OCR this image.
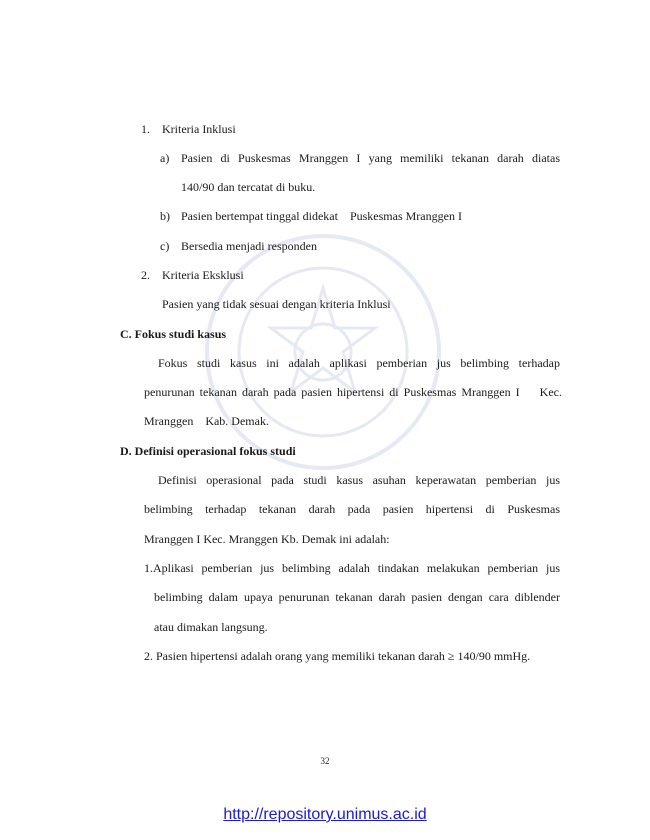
1. Kriteria Inklusi
a) Pasien di Puskesmas Mranggen I yang memiliki tekanan darah diatas
140/90 dan tercatat di buku.
b) Pasien bertempat tinggal didekat    Puskesmas Mranggen I
c) Bersedia menjadi responden
2. Kriteria Eksklusi
Pasien yang tidak sesuai dengan kriteria Inklusi
C. Fokus studi kasus
Fokus studi kasus ini adalah aplikasi pemberian jus belimbing terhadap
penurunan tekanan darah pada pasien hipertensi di Puskesmas Mranggen I    Kec.
Mranggen    Kab. Demak.
D. Definisi operasional fokus studi
Definisi operasional pada studi kasus asuhan keperawatan pemberian jus
belimbing terhadap tekanan darah pada pasien hipertensi di Puskesmas
Mranggen I Kec. Mranggen Kb. Demak ini adalah:
1.Aplikasi pemberian jus belimbing adalah tindakan melakukan pemberian jus
belimbing dalam upaya penurunan tekanan darah pasien dengan cara diblender
atau dimakan langsung.
2. Pasien hipertensi adalah orang yang memiliki tekanan darah ≥ 140/90 mmHg.
32
http://repository.unimus.ac.id
